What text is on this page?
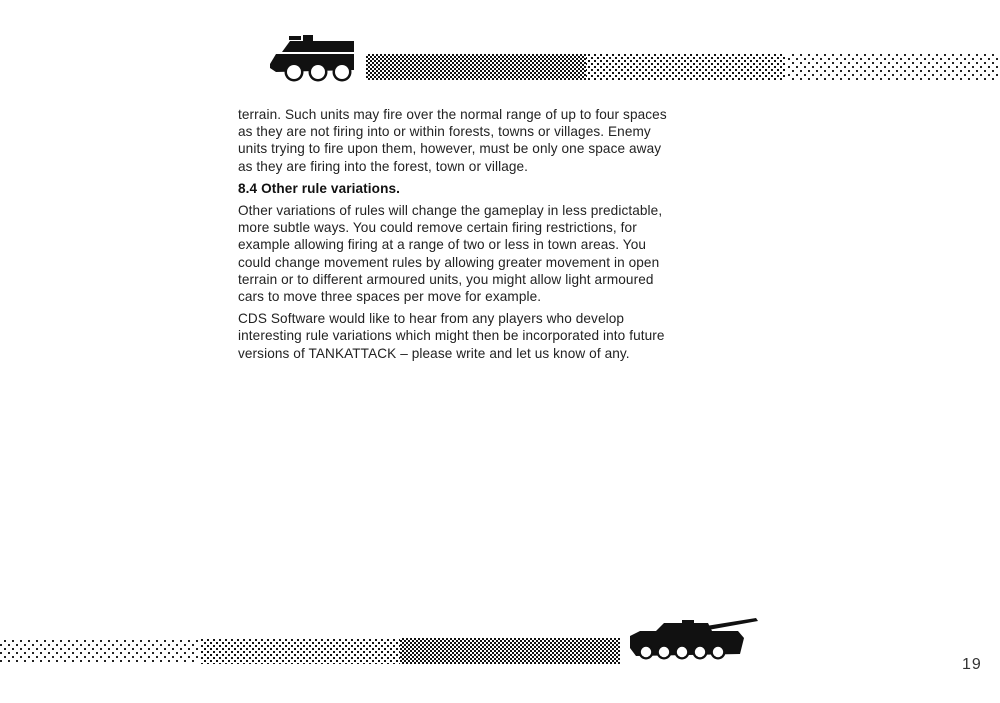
terrain. Such units may fire over the normal range of up to four spaces
as they are not firing into or within forests, towns or villages. Enemy
units trying to fire upon them, however, must be only one space away
as they are firing into the forest, town or village.

8.4 Other rule variations.

Other variations of rules will change the gameplay in less predictable,
more subtle ways. You could remove certain firing restrictions, for
example allowing firing at a range of two or less in town areas. You
could change movement rules by allowing greater movement in open
terrain or to different armoured units, you might allow light armoured
cars to move three spaces per move for example.

CDS Software would like to hear from any players who develop
interesting rule variations which might then be incorporated into future
versions of TANKATTACK – please write and let us know of any.

19
